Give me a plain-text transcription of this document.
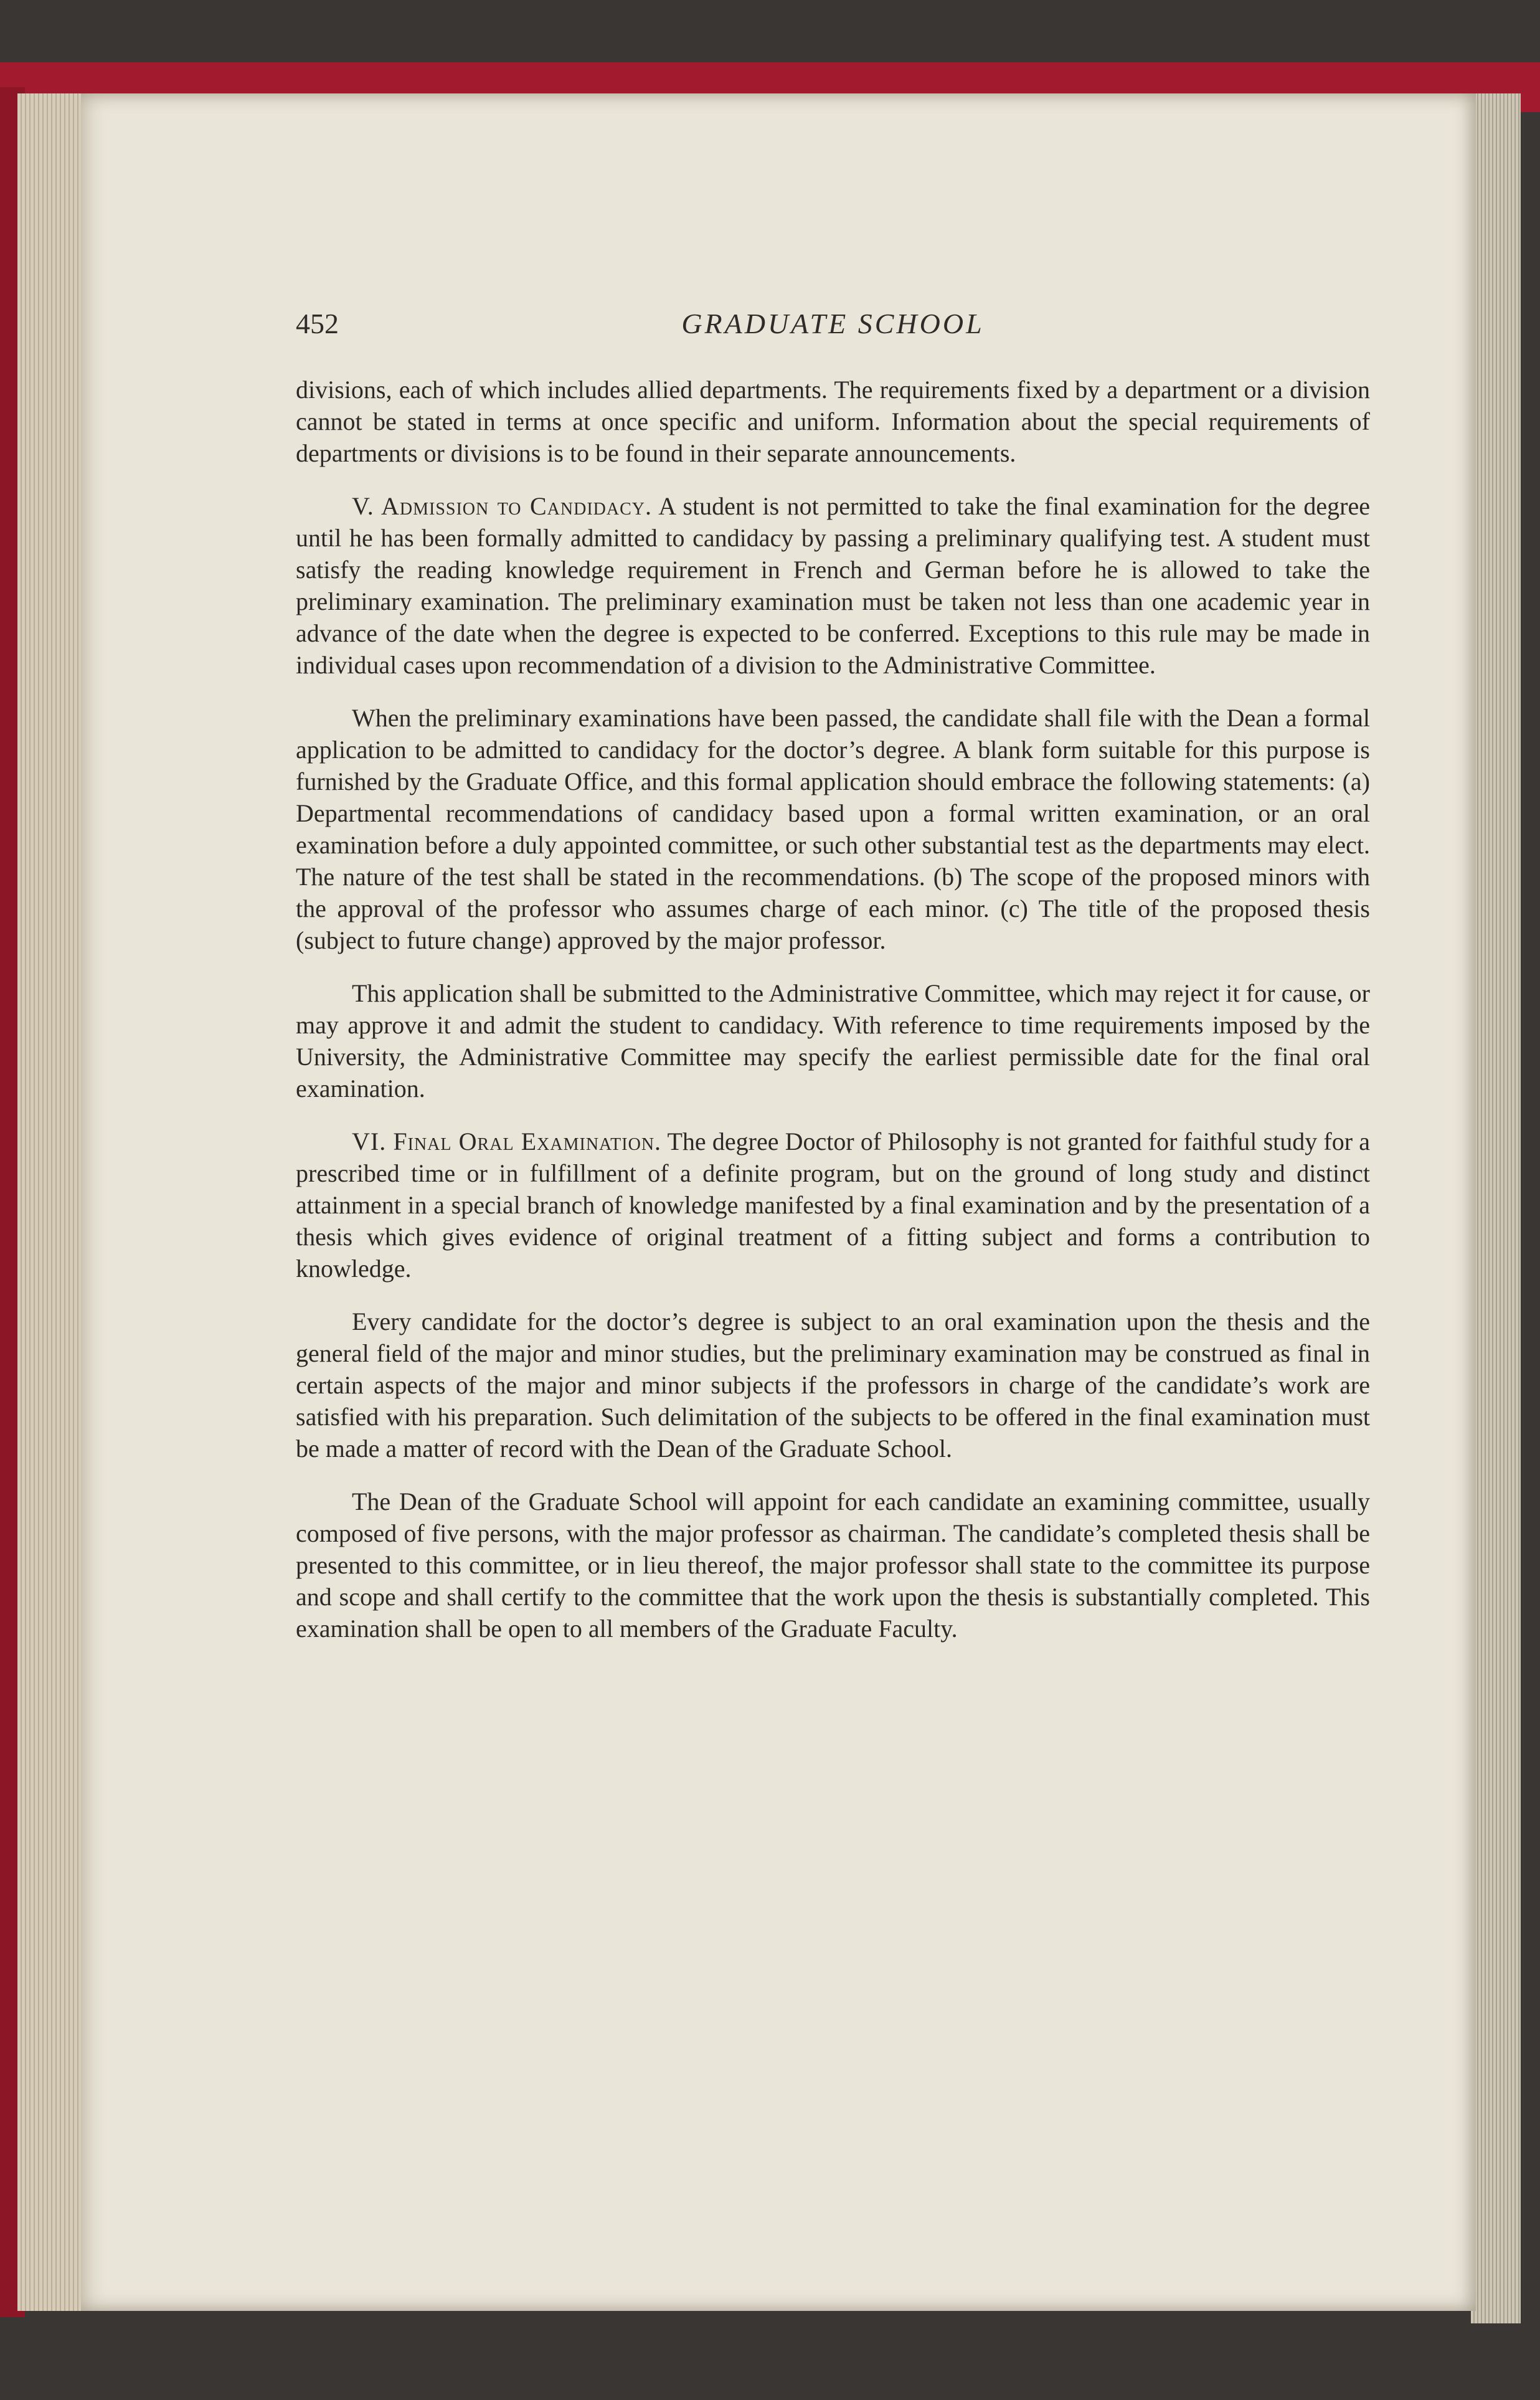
452	GRADUATE SCHOOL

divisions, each of which includes allied departments. The requirements fixed by a department or a division cannot be stated in terms at once specific and uniform. Information about the special requirements of departments or divisions is to be found in their separate announcements.

V. Admission to Candidacy. A student is not permitted to take the final examination for the degree until he has been formally admitted to candidacy by passing a preliminary qualifying test. A student must satisfy the reading knowledge requirement in French and German before he is allowed to take the preliminary examination. The preliminary examination must be taken not less than one academic year in advance of the date when the degree is expected to be conferred. Exceptions to this rule may be made in individual cases upon recommendation of a division to the Administrative Committee.

When the preliminary examinations have been passed, the candidate shall file with the Dean a formal application to be admitted to candidacy for the doctor’s degree. A blank form suitable for this purpose is furnished by the Graduate Office, and this formal application should embrace the following statements: (a) Departmental recommendations of candidacy based upon a formal written examination, or an oral examination before a duly appointed committee, or such other substantial test as the departments may elect. The nature of the test shall be stated in the recommendations. (b) The scope of the proposed minors with the approval of the professor who assumes charge of each minor. (c) The title of the proposed thesis (subject to future change) approved by the major professor.

This application shall be submitted to the Administrative Committee, which may reject it for cause, or may approve it and admit the student to candidacy. With reference to time requirements imposed by the University, the Administrative Committee may specify the earliest permissible date for the final oral examination.

VI. Final Oral Examination. The degree Doctor of Philosophy is not granted for faithful study for a prescribed time or in fulfillment of a definite program, but on the ground of long study and distinct attainment in a special branch of knowledge manifested by a final examination and by the presentation of a thesis which gives evidence of original treatment of a fitting subject and forms a contribution to knowledge.

Every candidate for the doctor’s degree is subject to an oral examination upon the thesis and the general field of the major and minor studies, but the preliminary examination may be construed as final in certain aspects of the major and minor subjects if the professors in charge of the candidate’s work are satisfied with his preparation. Such delimitation of the subjects to be offered in the final examination must be made a matter of record with the Dean of the Graduate School.

The Dean of the Graduate School will appoint for each candidate an examining committee, usually composed of five persons, with the major professor as chairman. The candidate’s completed thesis shall be presented to this committee, or in lieu thereof, the major professor shall state to the committee its purpose and scope and shall certify to the committee that the work upon the thesis is substantially completed. This examination shall be open to all members of the Graduate Faculty.
